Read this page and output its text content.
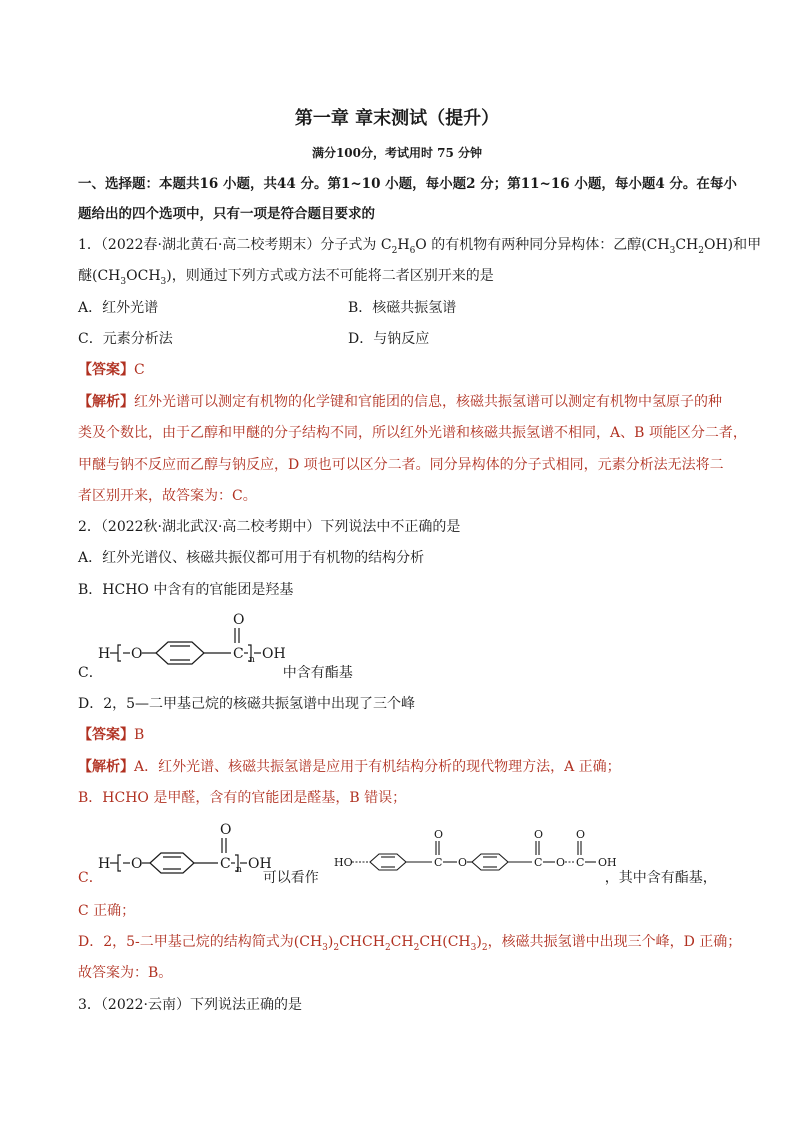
第一章 章末测试（提升）
满分100分，考试用时 75 分钟
一、选择题：本题共16 小题，共44 分。第1~10 小题，每小题2 分；第11~16 小题，每小题4 分。在每小
题给出的四个选项中，只有一项是符合题目要求的
1．（2022春·湖北黄石·高二校考期末）分子式为 $C_2H_6O$ 的有机物有两种同分异构体：乙醇$(CH_3CH_2OH)$和甲
醚$(CH_3OCH_3)$，则通过下列方式或方法不可能将二者区别开来的是
A．红外光谱	B．核磁共振氢谱
C．元素分析法	D．与钠反应
【答案】C
【解析】红外光谱可以测定有机物的化学键和官能团的信息，核磁共振氢谱可以测定有机物中氢原子的种
类及个数比，由于乙醇和甲醚的分子结构不同，所以红外光谱和核磁共振氢谱不相同，A、B 项能区分二者，
甲醚与钠不反应而乙醇与钠反应，D 项也可以区分二者。同分异构体的分子式相同，元素分析法无法将二
者区别开来，故答案为：C。
2．（2022秋·湖北武汉·高二校考期中）下列说法中不正确的是
A．红外光谱仪、核磁共振仪都可用于有机物的结构分析
B．HCHO 中含有的官能团是羟基
H O	C
O
n OH
C．	中含有酯基
D．2，5—二甲基己烷的核磁共振氢谱中出现了三个峰
【答案】B
【解析】A．红外光谱、核磁共振氢谱是应用于有机结构分析的现代物理方法，A 正确；
B．HCHO 是甲醛，含有的官能团是醛基，B 错误；
H O	C
O
n OH	HO	C
O
O	C
O
O C
O
OH
C．	可以看作	，其中含有酯基，
C 正确；
D．2，5-二甲基己烷的结构简式为$(CH_3)_2CHCH_2CH_2CH(CH_3)_2$，核磁共振氢谱中出现三个峰，D 正确；
故答案为：B。
3．（2022·云南）下列说法正确的是
